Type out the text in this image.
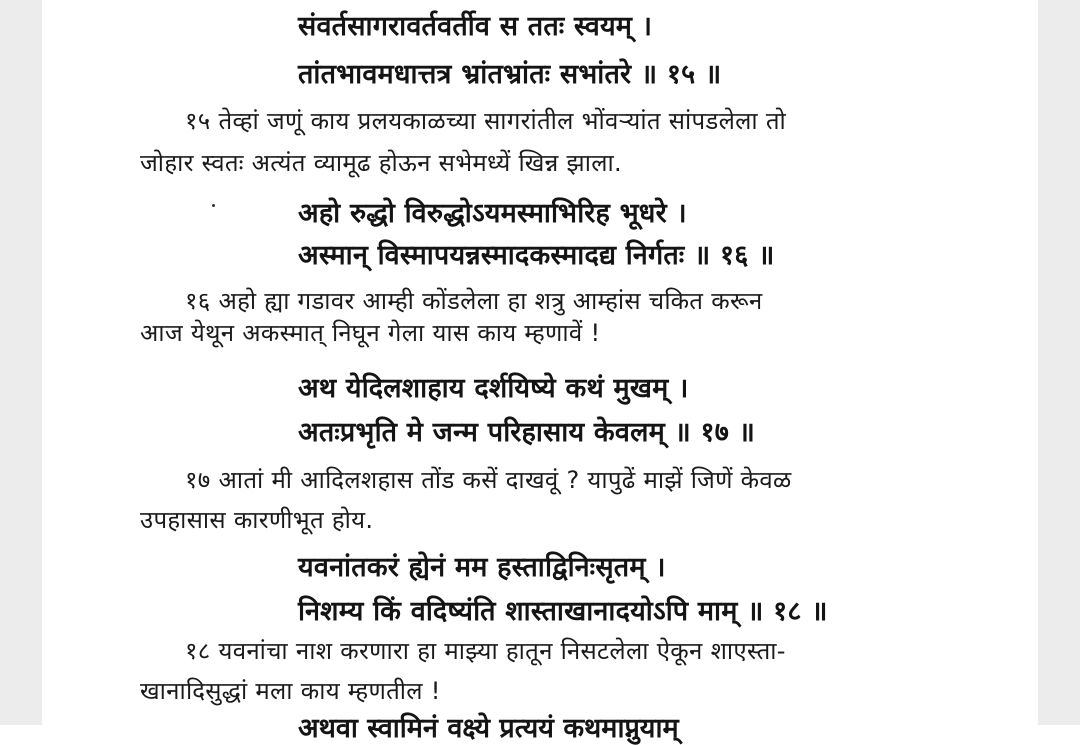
संवर्तसागरावर्तवर्तीव स ततः स्वयम् ।
तांतभावमधात्तत्र भ्रांतभ्रांतः सभांतरे ॥ १५ ॥
१५ तेव्हां जणूं काय प्रलयकाळच्या सागरांतील भोंवऱ्यांत सांपडलेला तो
जोहार स्वतः अत्यंत व्यामूढ होऊन सभेमध्यें खिन्न झाला.
अहो रुद्धो विरुद्धोऽयमस्माभिरिह भूधरे ।
अस्मान् विस्मापयन्नस्मादकस्मादद्य निर्गतः ॥ १६ ॥
१६ अहो ह्या गडावर आम्ही कोंडलेला हा शत्रु आम्हांस चकित करून
आज येथून अकस्मात् निघून गेला यास काय म्हणावें !
अथ येदिलशाहाय दर्शयिष्ये कथं मुखम् ।
अतःप्रभृति मे जन्म परिहासाय केवलम् ॥ १७ ॥
१७ आतां मी आदिलशहास तोंड कसें दाखवूं ? यापुढें माझें जिणें केवळ
उपहासास कारणीभूत होय.
यवनांतकरं ह्येनं मम हस्ताद्विनिःसृतम् ।
निशम्य किं वदिष्यंति शास्ताखानादयोऽपि माम् ॥ १८ ॥
१८ यवनांचा नाश करणारा हा माझ्या हातून निसटलेला ऐकून शाएस्ता-
खानादिसुद्धां मला काय म्हणतील !
अथवा स्वामिनं वक्ष्ये प्रत्ययं कथमाप्नुयाम्
